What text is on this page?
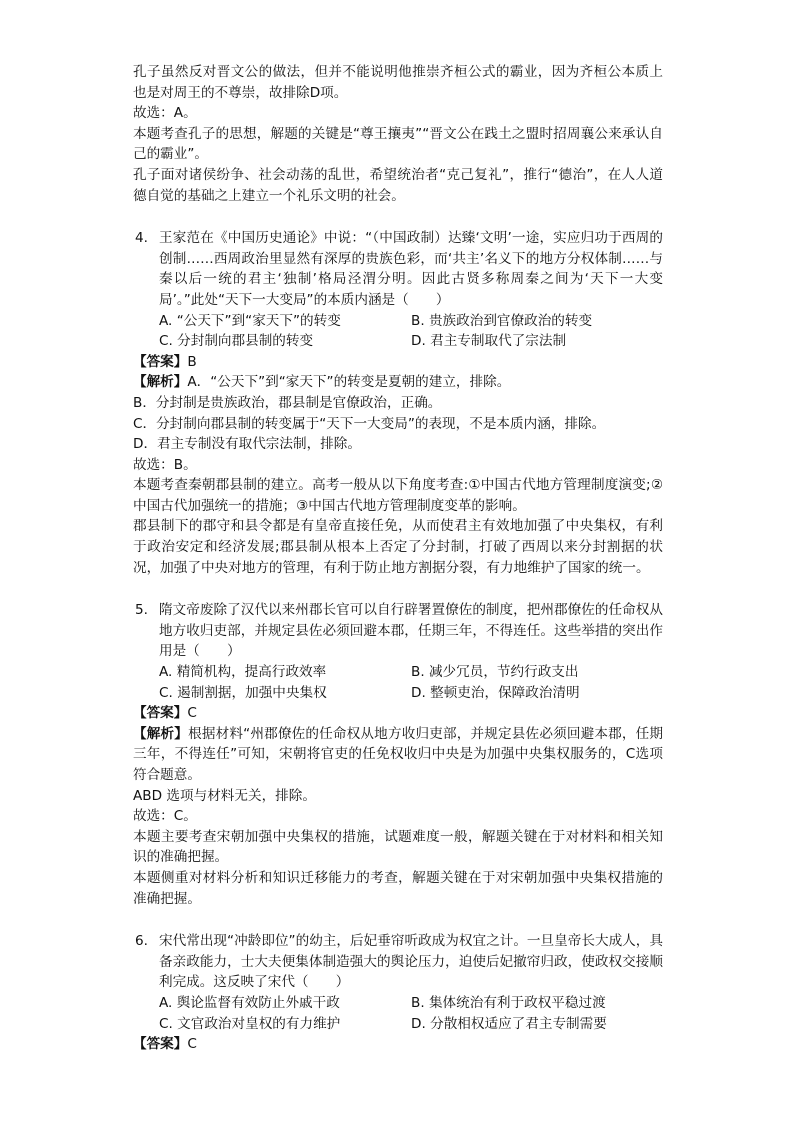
孔子虽然反对晋文公的做法，但并不能说明他推崇齐桓公式的霸业，因为齐桓公本质上也是对周王的不尊崇，故排除D项。

故选：A。

本题考查孔子的思想，解题的关键是“尊王攘夷”“晋文公在践土之盟时招周襄公来承认自己的霸业”。

孔子面对诸侯纷争、社会动荡的乱世，希望统治者“克己复礼”，推行“德治”，在人人道德自觉的基础之上建立一个礼乐文明的社会。

4. 王家范在《中国历史通论》中说：“（中国政制）达臻‘文明’一途，实应归功于西周的创制……西周政治里显然有深厚的贵族色彩，而‘共主’名义下的地方分权体制……与秦以后一统的君主‘独制’格局泾渭分明。因此古贤多称周秦之间为‘天下一大变局’。”此处“天下一大变局”的本质内涵是（　　）

A. “公天下”到“家天下”的转变	B. 贵族政治到官僚政治的转变
C. 分封制向郡县制的转变	D. 君主专制取代了宗法制

【答案】B

【解析】A．“公天下”到“家天下”的转变是夏朝的建立，排除。

B．分封制是贵族政治，郡县制是官僚政治，正确。

C．分封制向郡县制的转变属于“天下一大变局”的表现，不是本质内涵，排除。

D．君主专制没有取代宗法制，排除。

故选：B。

本题考查秦朝郡县制的建立。高考一般从以下角度考查:①中国古代地方管理制度演变;②中国古代加强统一的措施；③中国古代地方管理制度变革的影响。

郡县制下的郡守和县令都是有皇帝直接任免，从而使君主有效地加强了中央集权，有利于政治安定和经济发展;郡县制从根本上否定了分封制，打破了西周以来分封割据的状况，加强了中央对地方的管理，有利于防止地方割据分裂，有力地维护了国家的统一。

5. 隋文帝废除了汉代以来州郡长官可以自行辟署置僚佐的制度，把州郡僚佐的任命权从地方收归吏部，并规定县佐必须回避本郡，任期三年，不得连任。这些举措的突出作用是（　　）

A. 精简机构，提高行政效率	B. 减少冗员，节约行政支出
C. 遏制割据，加强中央集权	D. 整顿吏治，保障政治清明

【答案】C

【解析】根据材料“州郡僚佐的任命权从地方收归吏部，并规定县佐必须回避本郡，任期三年，不得连任”可知，宋朝将官吏的任免权收归中央是为加强中央集权服务的，C选项符合题意。

ABD 选项与材料无关，排除。

故选：C。

本题主要考查宋朝加强中央集权的措施，试题难度一般，解题关键在于对材料和相关知识的准确把握。

本题侧重对材料分析和知识迁移能力的考查，解题关键在于对宋朝加强中央集权措施的准确把握。

6. 宋代常出现“冲龄即位”的幼主，后妃垂帘听政成为权宜之计。一旦皇帝长大成人，具备亲政能力，士大夫便集体制造强大的舆论压力，迫使后妃撤帘归政，使政权交接顺利完成。这反映了宋代（　　）

A. 舆论监督有效防止外戚干政	B. 集体统治有利于政权平稳过渡
C. 文官政治对皇权的有力维护	D. 分散相权适应了君主专制需要

【答案】C
